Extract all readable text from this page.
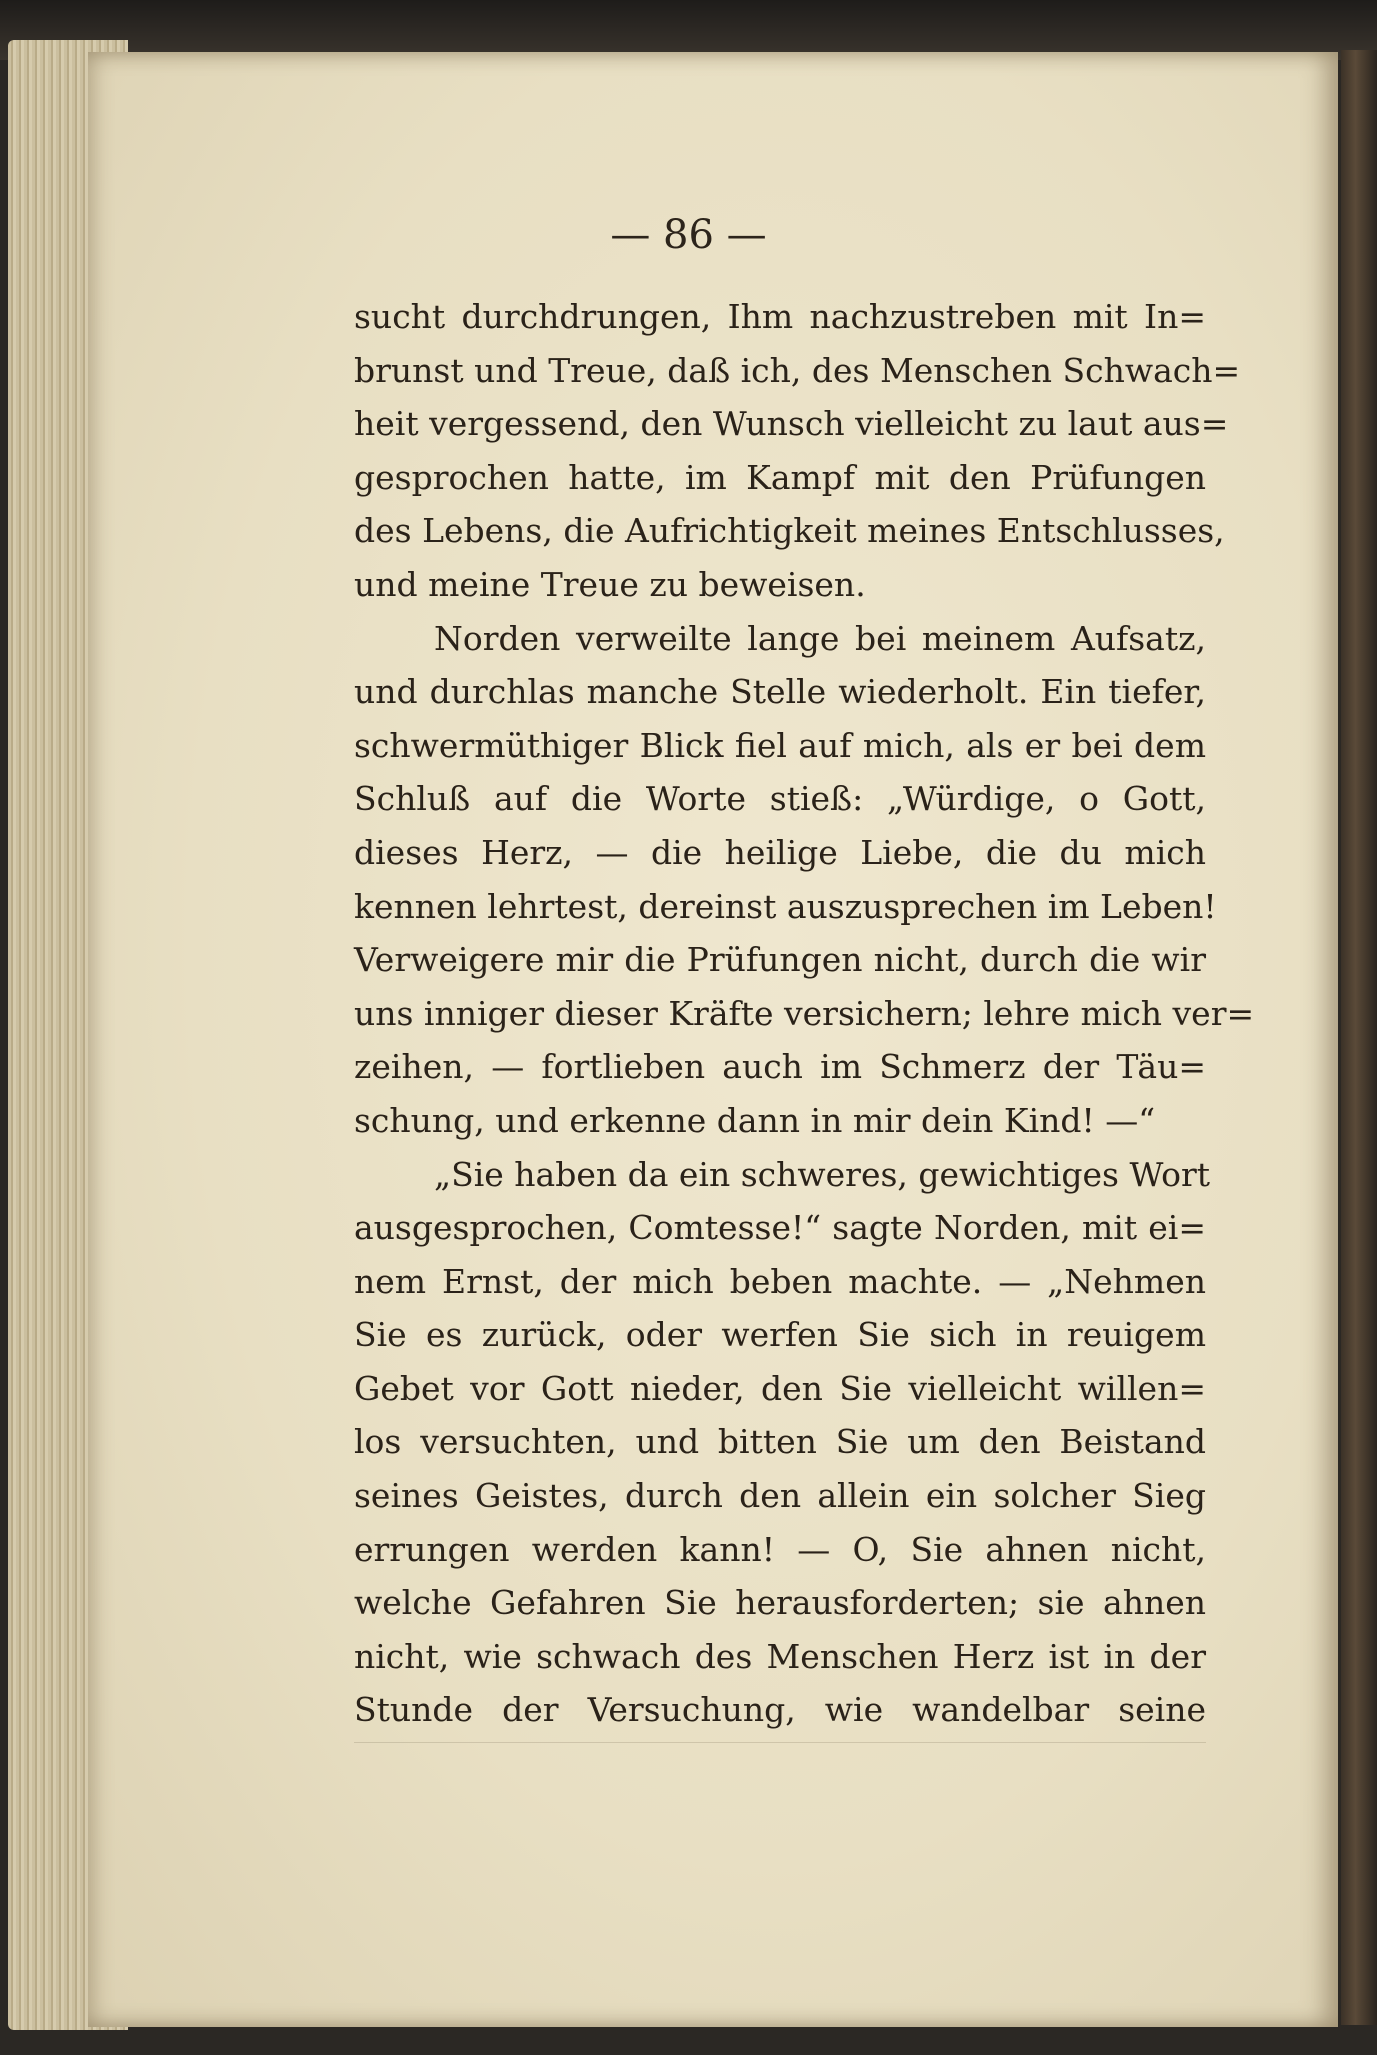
— 86 —
sucht durchdrungen, Ihm nachzustreben mit In=
brunst und Treue, daß ich, des Menschen Schwach=
heit vergessend, den Wunsch vielleicht zu laut aus=
gesprochen hatte, im Kampf mit den Prüfungen
des Lebens, die Aufrichtigkeit meines Entschlusses,
und meine Treue zu beweisen.
Norden verweilte lange bei meinem Aufsatz,
und durchlas manche Stelle wiederholt. Ein tiefer,
schwermüthiger Blick fiel auf mich, als er bei dem
Schluß auf die Worte stieß: „Würdige, o Gott,
dieses Herz, — die heilige Liebe, die du mich
kennen lehrtest, dereinst auszusprechen im Leben!
Verweigere mir die Prüfungen nicht, durch die wir
uns inniger dieser Kräfte versichern; lehre mich ver=
zeihen, — fortlieben auch im Schmerz der Täu=
schung, und erkenne dann in mir dein Kind! —“
„Sie haben da ein schweres, gewichtiges Wort
ausgesprochen, Comtesse!“ sagte Norden, mit ei=
nem Ernst, der mich beben machte. — „Nehmen
Sie es zurück, oder werfen Sie sich in reuigem
Gebet vor Gott nieder, den Sie vielleicht willen=
los versuchten, und bitten Sie um den Beistand
seines Geistes, durch den allein ein solcher Sieg
errungen werden kann! — O, Sie ahnen nicht,
welche Gefahren Sie herausforderten; sie ahnen
nicht, wie schwach des Menschen Herz ist in der
Stunde der Versuchung, wie wandelbar seine
